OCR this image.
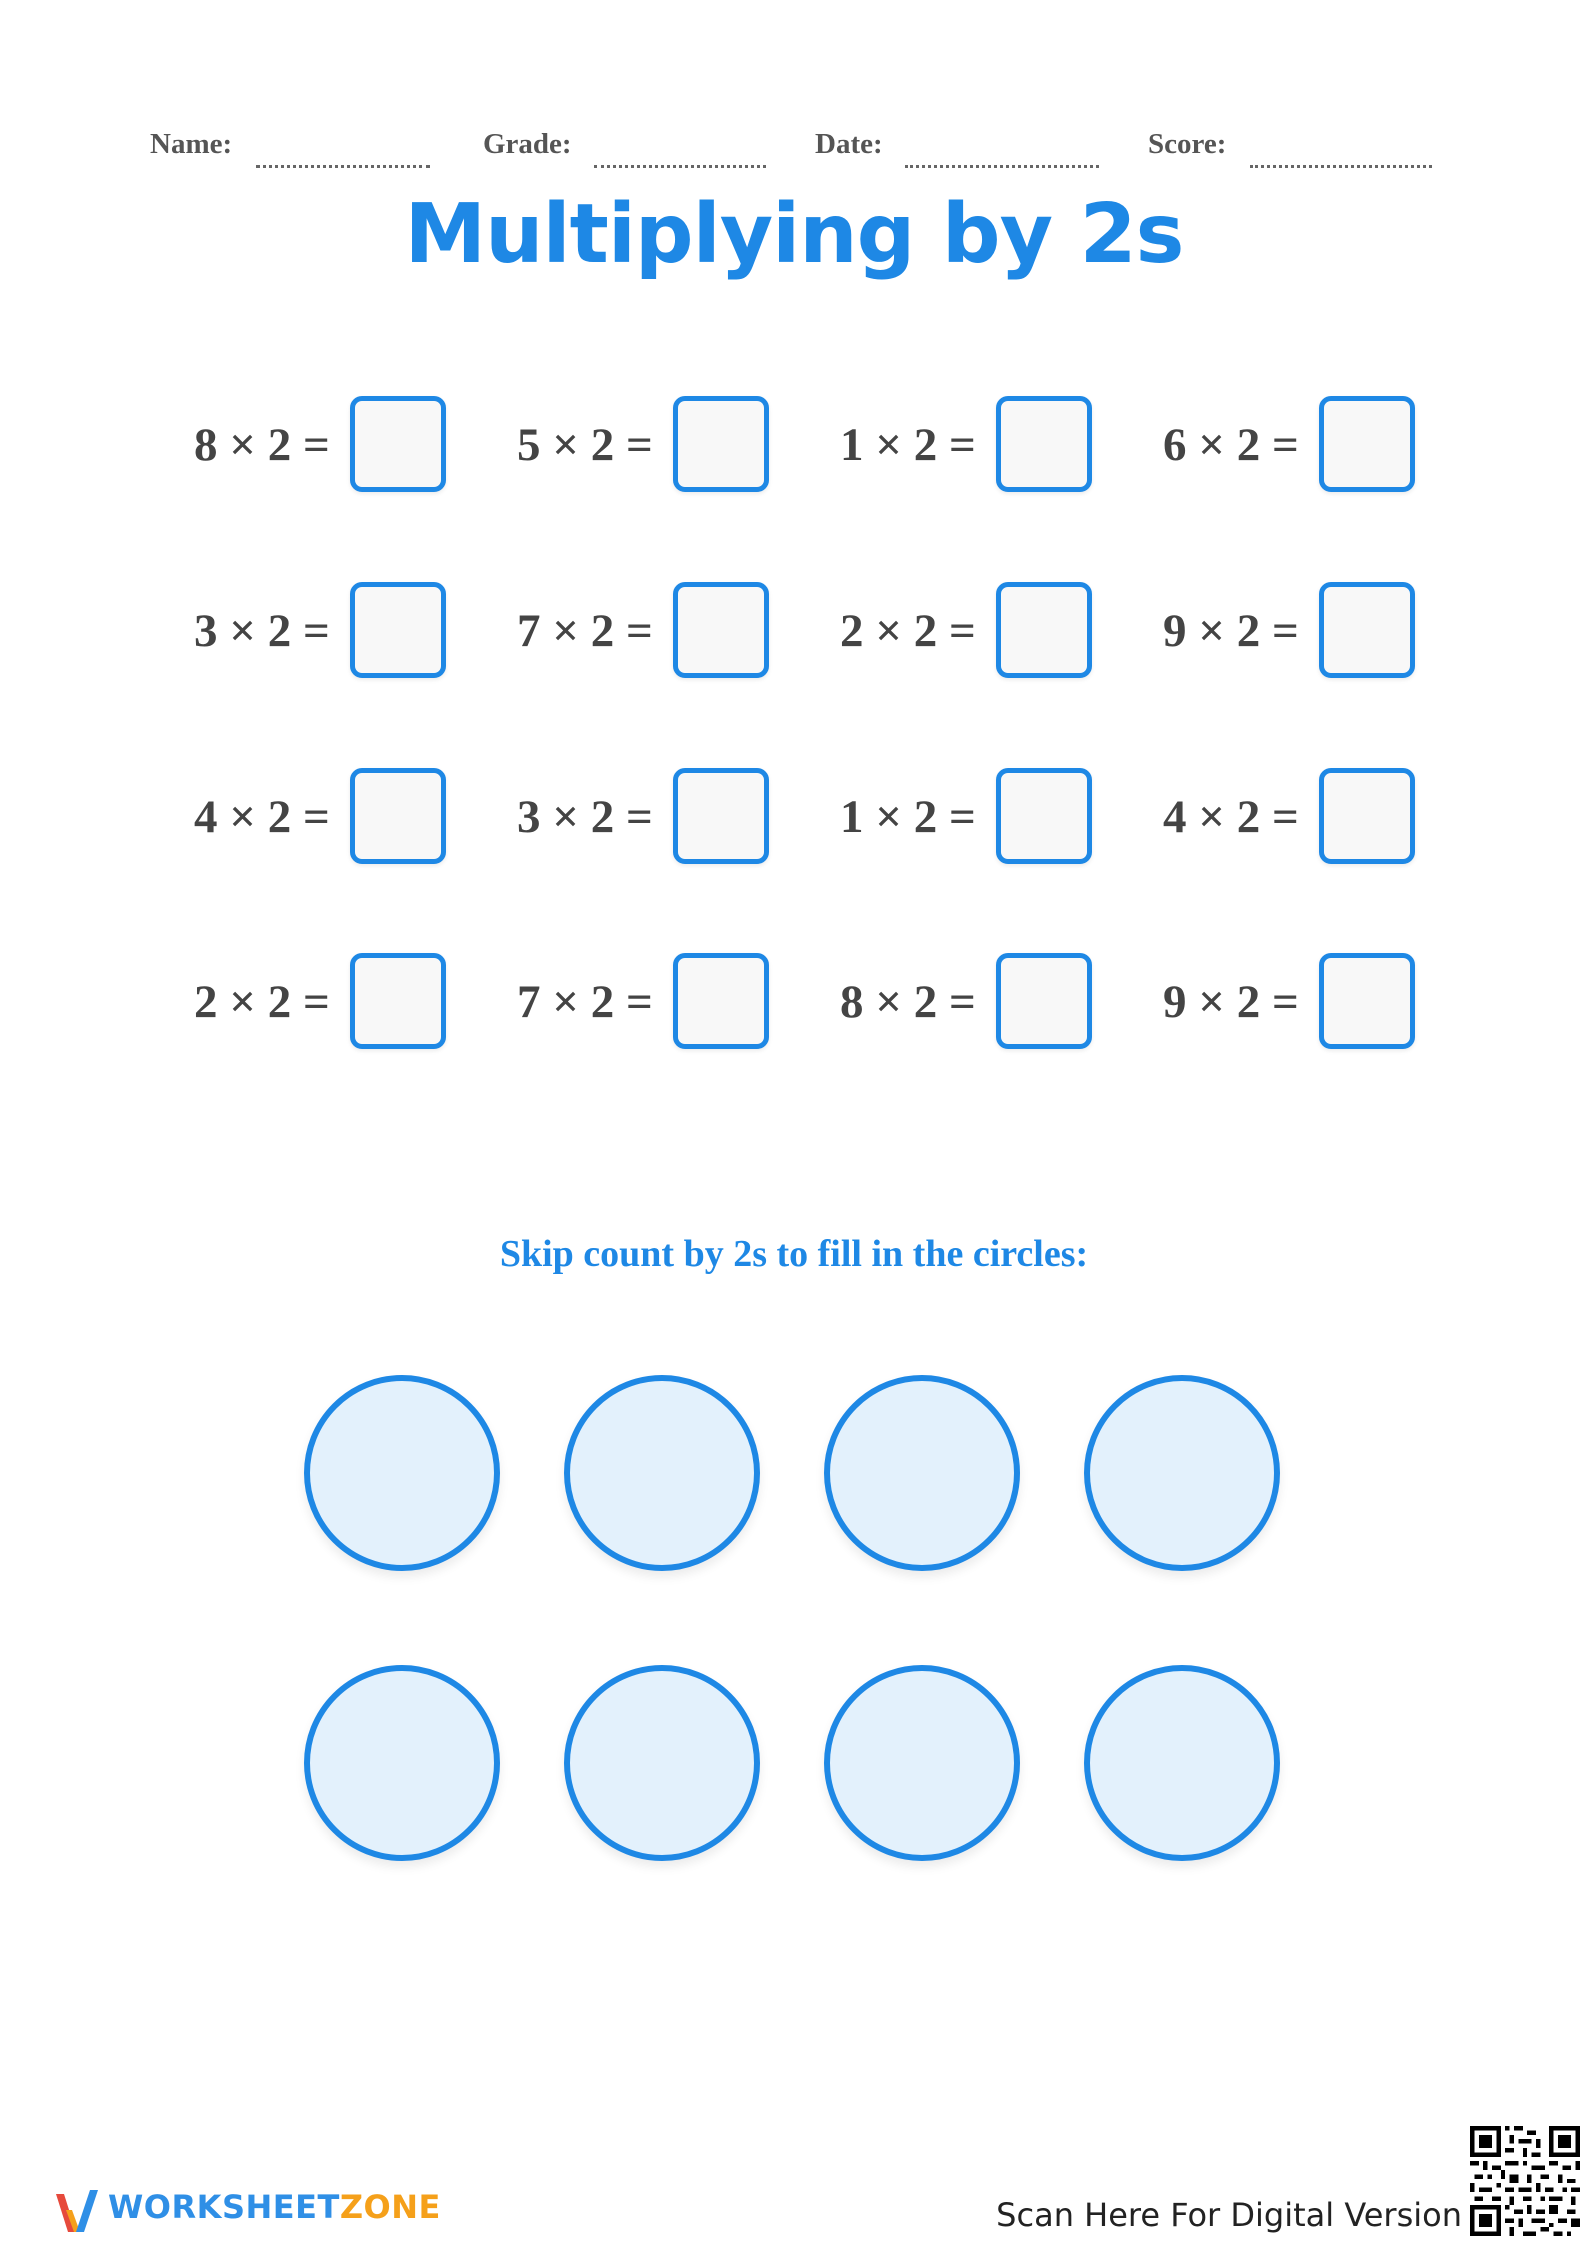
Name:	Grade:	Date:	Score:
Multiplying by 2s
8 × 2 =	5 × 2 =	1 × 2 =	6 × 2 =
3 × 2 =	7 × 2 =	2 × 2 =	9 × 2 =
4 × 2 =	3 × 2 =	1 × 2 =	4 × 2 =
2 × 2 =	7 × 2 =	8 × 2 =	9 × 2 =
Skip count by 2s to fill in the circles:
WORKSHEETZONE	Scan Here For Digital Version
